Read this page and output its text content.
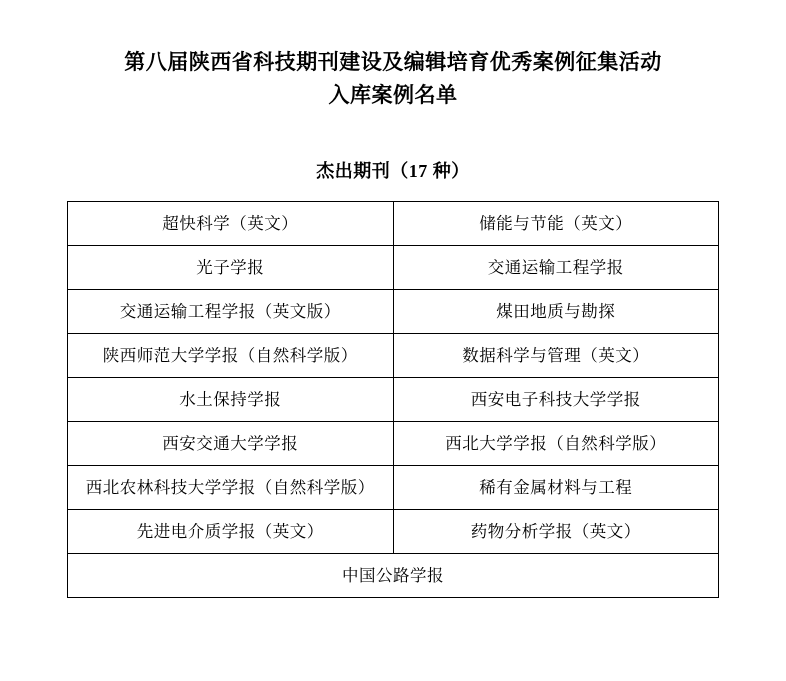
第八届陕西省科技期刊建设及编辑培育优秀案例征集活动
入库案例名单
杰出期刊（17 种）
超快科学（英文）	储能与节能（英文）
光子学报	交通运输工程学报
交通运输工程学报（英文版）	煤田地质与勘探
陕西师范大学学报（自然科学版）	数据科学与管理（英文）
水土保持学报	西安电子科技大学学报
西安交通大学学报	西北大学学报（自然科学版）
西北农林科技大学学报（自然科学版）	稀有金属材料与工程
先进电介质学报（英文）	药物分析学报（英文）
中国公路学报	
